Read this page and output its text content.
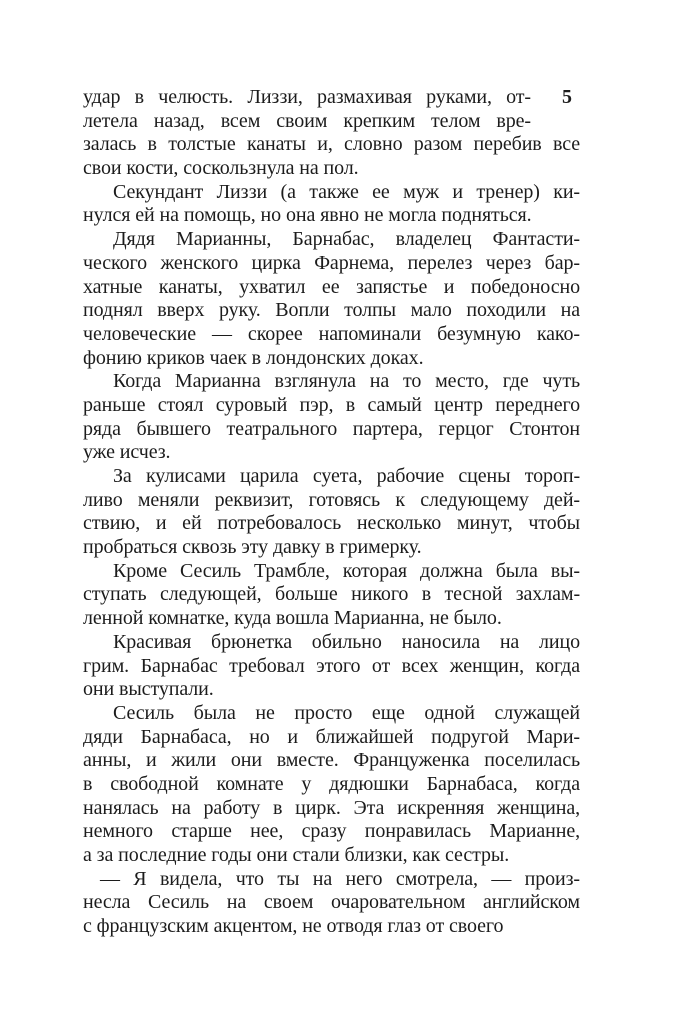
5
удар в челюсть. Лиззи, размахивая руками, от-
летела назад, всем своим крепким телом вре-
залась в толстые канаты и, словно разом перебив все
свои кости, соскользнула на пол.
Секундант Лиззи (а также ее муж и тренер) ки-
нулся ей на помощь, но она явно не могла подняться.
Дядя Марианны, Барнабас, владелец Фантасти-
ческого женского цирка Фарнема, перелез через бар-
хатные канаты, ухватил ее запястье и победоносно
поднял вверх руку. Вопли толпы мало походили на
человеческие — скорее напоминали безумную како-
фонию криков чаек в лондонских доках.
Когда Марианна взглянула на то место, где чуть
раньше стоял суровый пэр, в самый центр переднего
ряда бывшего театрального партера, герцог Стонтон
уже исчез.
За кулисами царила суета, рабочие сцены тороп-
ливо меняли реквизит, готовясь к следующему дей-
ствию, и ей потребовалось несколько минут, чтобы
пробраться сквозь эту давку в гримерку.
Кроме Сесиль Трамбле, которая должна была вы-
ступать следующей, больше никого в тесной захлам-
ленной комнатке, куда вошла Марианна, не было.
Красивая брюнетка обильно наносила на лицо
грим. Барнабас требовал этого от всех женщин, когда
они выступали.
Сесиль была не просто еще одной служащей
дяди Барнабаса, но и ближайшей подругой Мари-
анны, и жили они вместе. Француженка поселилась
в свободной комнате у дядюшки Барнабаса, когда
нанялась на работу в цирк. Эта искренняя женщина,
немного старше нее, сразу понравилась Марианне,
а за последние годы они стали близки, как сестры.
— Я видела, что ты на него смотрела, — произ-
несла Сесиль на своем очаровательном английском
с французским акцентом, не отводя глаз от своего
